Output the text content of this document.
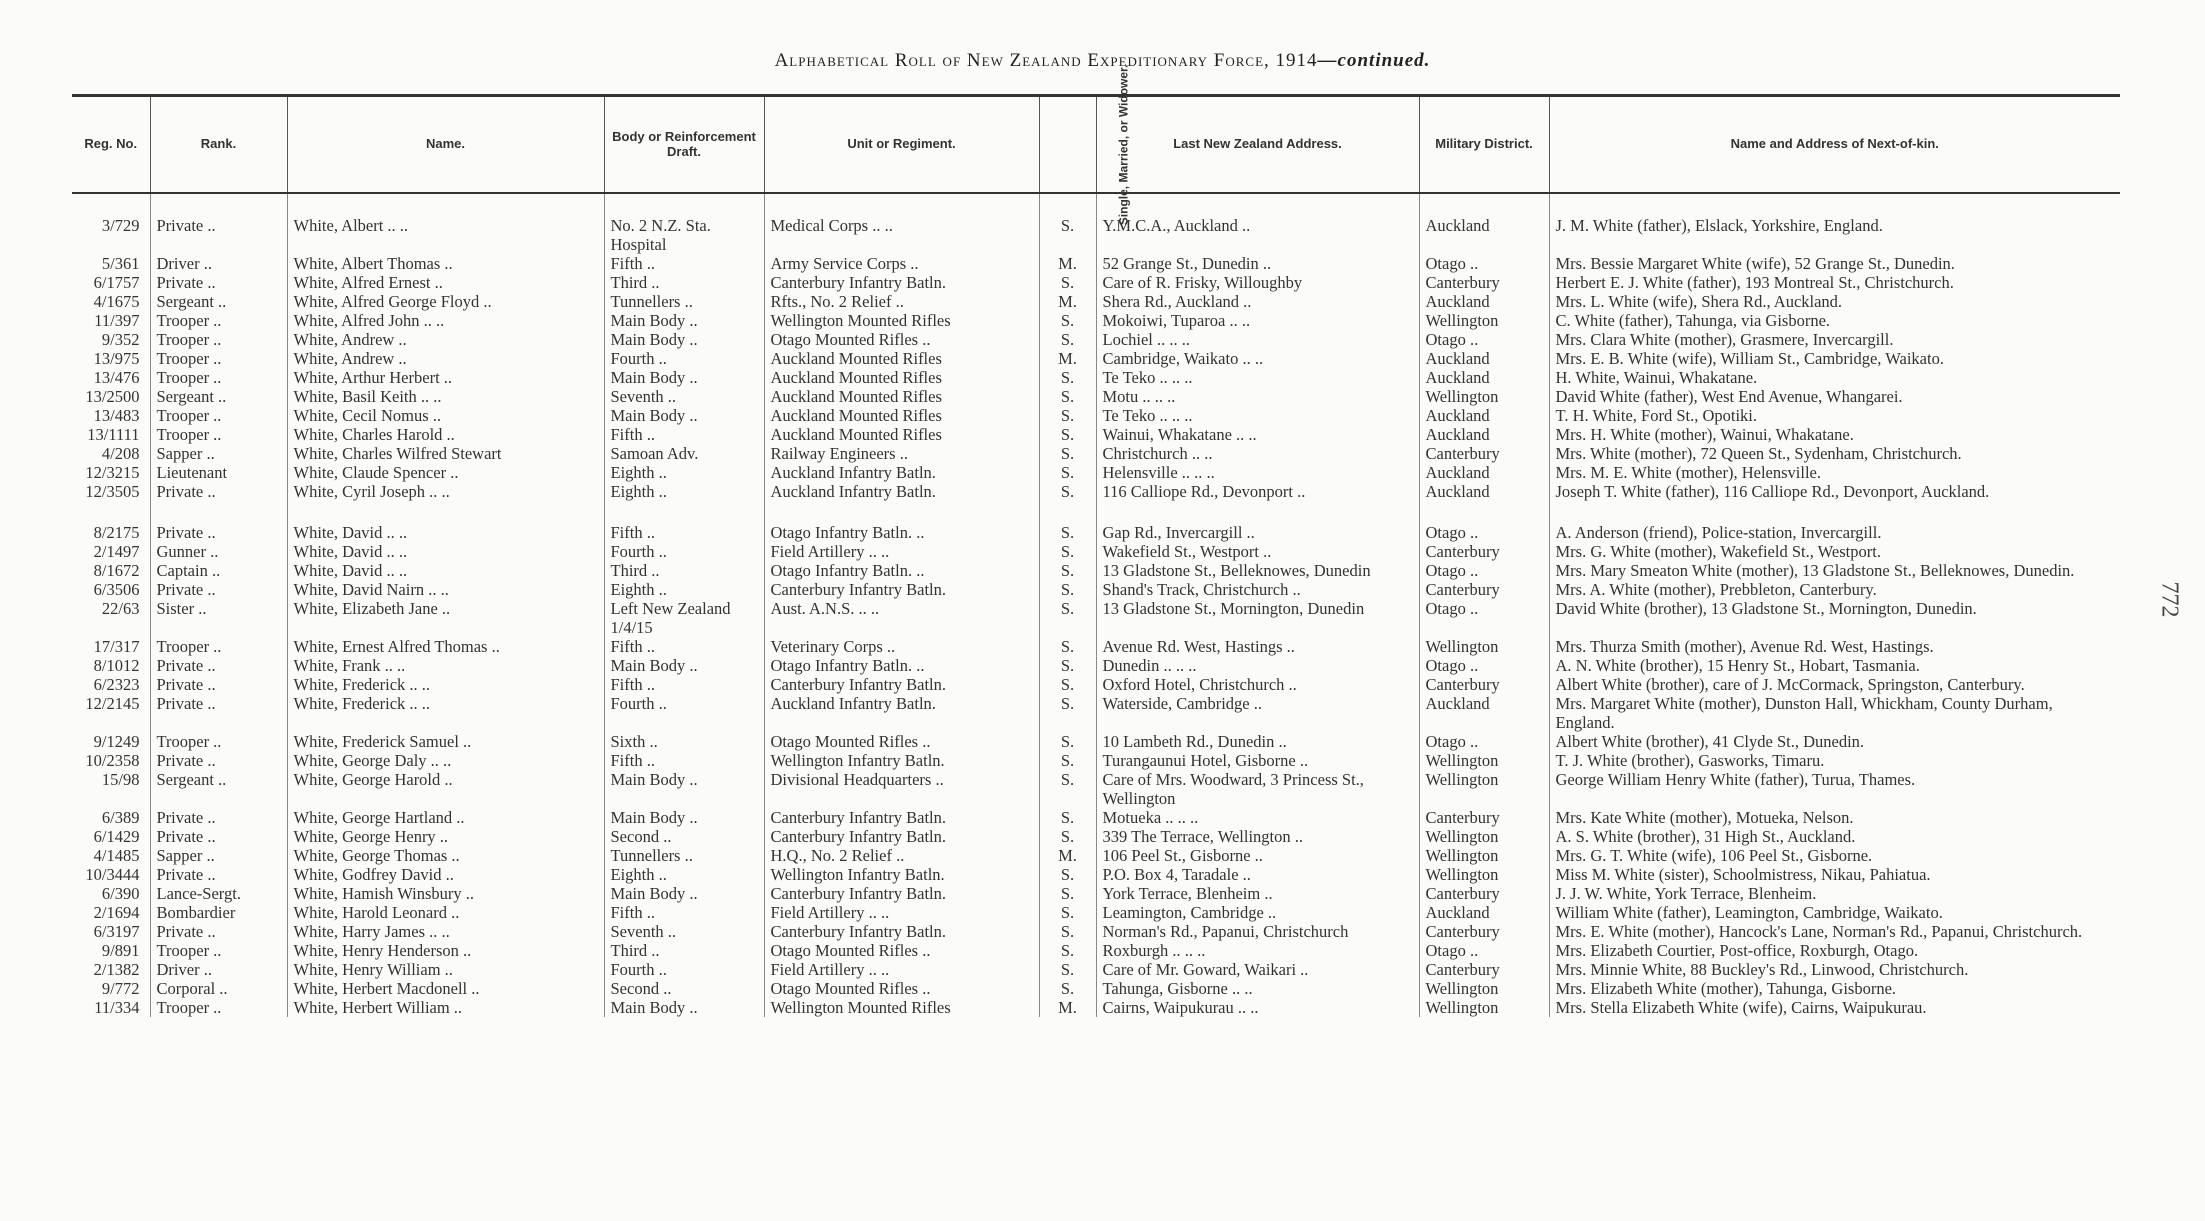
Alphabetical Roll of New Zealand Expeditionary Force, 1914—continued.
Reg. No.	Rank.	Name.	Body or Reinforcement Draft.	Unit or Regiment.	Single, Married, or Widower.	Last New Zealand Address.	Military District.	Name and Address of Next-of-kin.
3/729	Private ..	White, Albert .. ..	No. 2 N.Z. Sta. Hospital	Medical Corps .. ..	S.	Y.M.C.A., Auckland ..	Auckland	J. M. White (father), Elslack, Yorkshire, England.
5/361	Driver ..	White, Albert Thomas ..	Fifth ..	Army Service Corps ..	M.	52 Grange St., Dunedin ..	Otago ..	Mrs. Bessie Margaret White (wife), 52 Grange St., Dunedin.
6/1757	Private ..	White, Alfred Ernest ..	Third ..	Canterbury Infantry Batln.	S.	Care of R. Frisky, Willoughby	Canterbury	Herbert E. J. White (father), 193 Montreal St., Christchurch.
4/1675	Sergeant ..	White, Alfred George Floyd ..	Tunnellers ..	Rfts., No. 2 Relief ..	M.	Shera Rd., Auckland ..	Auckland	Mrs. L. White (wife), Shera Rd., Auckland.
11/397	Trooper ..	White, Alfred John .. ..	Main Body ..	Wellington Mounted Rifles	S.	Mokoiwi, Tuparoa .. ..	Wellington	C. White (father), Tahunga, via Gisborne.
9/352	Trooper ..	White, Andrew ..	Main Body ..	Otago Mounted Rifles ..	S.	Lochiel .. .. ..	Otago ..	Mrs. Clara White (mother), Grasmere, Invercargill.
13/975	Trooper ..	White, Andrew ..	Fourth ..	Auckland Mounted Rifles	M.	Cambridge, Waikato .. ..	Auckland	Mrs. E. B. White (wife), William St., Cambridge, Waikato.
13/476	Trooper ..	White, Arthur Herbert ..	Main Body ..	Auckland Mounted Rifles	S.	Te Teko .. .. ..	Auckland	H. White, Wainui, Whakatane.
13/2500	Sergeant ..	White, Basil Keith .. ..	Seventh ..	Auckland Mounted Rifles	S.	Motu .. .. ..	Wellington	David White (father), West End Avenue, Whangarei.
13/483	Trooper ..	White, Cecil Nomus ..	Main Body ..	Auckland Mounted Rifles	S.	Te Teko .. .. ..	Auckland	T. H. White, Ford St., Opotiki.
13/1111	Trooper ..	White, Charles Harold ..	Fifth ..	Auckland Mounted Rifles	S.	Wainui, Whakatane .. ..	Auckland	Mrs. H. White (mother), Wainui, Whakatane.
4/208	Sapper ..	White, Charles Wilfred Stewart	Samoan Adv.	Railway Engineers ..	S.	Christchurch .. ..	Canterbury	Mrs. White (mother), 72 Queen St., Sydenham, Christchurch.
12/3215	Lieutenant	White, Claude Spencer ..	Eighth ..	Auckland Infantry Batln.	S.	Helensville .. .. ..	Auckland	Mrs. M. E. White (mother), Helensville.
12/3505	Private ..	White, Cyril Joseph .. ..	Eighth ..	Auckland Infantry Batln.	S.	116 Calliope Rd., Devonport ..	Auckland	Joseph T. White (father), 116 Calliope Rd., Devonport, Auckland.
8/2175	Private ..	White, David .. ..	Fifth ..	Otago Infantry Batln. ..	S.	Gap Rd., Invercargill ..	Otago ..	A. Anderson (friend), Police-station, Invercargill.
2/1497	Gunner ..	White, David .. ..	Fourth ..	Field Artillery .. ..	S.	Wakefield St., Westport ..	Canterbury	Mrs. G. White (mother), Wakefield St., Westport.
8/1672	Captain ..	White, David .. ..	Third ..	Otago Infantry Batln. ..	S.	13 Gladstone St., Belleknowes, Dunedin	Otago ..	Mrs. Mary Smeaton White (mother), 13 Gladstone St., Belleknowes, Dunedin.
6/3506	Private ..	White, David Nairn .. ..	Eighth ..	Canterbury Infantry Batln.	S.	Shand's Track, Christchurch ..	Canterbury	Mrs. A. White (mother), Prebbleton, Canterbury.
22/63	Sister ..	White, Elizabeth Jane ..	Left New Zealand 1/4/15	Aust. A.N.S. .. ..	S.	13 Gladstone St., Mornington, Dunedin	Otago ..	David White (brother), 13 Gladstone St., Mornington, Dunedin.
17/317	Trooper ..	White, Ernest Alfred Thomas ..	Fifth ..	Veterinary Corps ..	S.	Avenue Rd. West, Hastings ..	Wellington	Mrs. Thurza Smith (mother), Avenue Rd. West, Hastings.
8/1012	Private ..	White, Frank .. ..	Main Body ..	Otago Infantry Batln. ..	S.	Dunedin .. .. ..	Otago ..	A. N. White (brother), 15 Henry St., Hobart, Tasmania.
6/2323	Private ..	White, Frederick .. ..	Fifth ..	Canterbury Infantry Batln.	S.	Oxford Hotel, Christchurch ..	Canterbury	Albert White (brother), care of J. McCormack, Springston, Canterbury.
12/2145	Private ..	White, Frederick .. ..	Fourth ..	Auckland Infantry Batln.	S.	Waterside, Cambridge ..	Auckland	Mrs. Margaret White (mother), Dunston Hall, Whickham, County Durham, England.
9/1249	Trooper ..	White, Frederick Samuel ..	Sixth ..	Otago Mounted Rifles ..	S.	10 Lambeth Rd., Dunedin ..	Otago ..	Albert White (brother), 41 Clyde St., Dunedin.
10/2358	Private ..	White, George Daly .. ..	Fifth ..	Wellington Infantry Batln.	S.	Turangaunui Hotel, Gisborne ..	Wellington	T. J. White (brother), Gasworks, Timaru.
15/98	Sergeant ..	White, George Harold ..	Main Body ..	Divisional Headquarters ..	S.	Care of Mrs. Woodward, 3 Princess St., Wellington	Wellington	George William Henry White (father), Turua, Thames.
6/389	Private ..	White, George Hartland ..	Main Body ..	Canterbury Infantry Batln.	S.	Motueka .. .. ..	Canterbury	Mrs. Kate White (mother), Motueka, Nelson.
6/1429	Private ..	White, George Henry ..	Second ..	Canterbury Infantry Batln.	S.	339 The Terrace, Wellington ..	Wellington	A. S. White (brother), 31 High St., Auckland.
4/1485	Sapper ..	White, George Thomas ..	Tunnellers ..	H.Q., No. 2 Relief ..	M.	106 Peel St., Gisborne ..	Wellington	Mrs. G. T. White (wife), 106 Peel St., Gisborne.
10/3444	Private ..	White, Godfrey David ..	Eighth ..	Wellington Infantry Batln.	S.	P.O. Box 4, Taradale ..	Wellington	Miss M. White (sister), Schoolmistress, Nikau, Pahiatua.
6/390	Lance-Sergt.	White, Hamish Winsbury ..	Main Body ..	Canterbury Infantry Batln.	S.	York Terrace, Blenheim ..	Canterbury	J. J. W. White, York Terrace, Blenheim.
2/1694	Bombardier	White, Harold Leonard ..	Fifth ..	Field Artillery .. ..	S.	Leamington, Cambridge ..	Auckland	William White (father), Leamington, Cambridge, Waikato.
6/3197	Private ..	White, Harry James .. ..	Seventh ..	Canterbury Infantry Batln.	S.	Norman's Rd., Papanui, Christchurch	Canterbury	Mrs. E. White (mother), Hancock's Lane, Norman's Rd., Papanui, Christchurch.
9/891	Trooper ..	White, Henry Henderson ..	Third ..	Otago Mounted Rifles ..	S.	Roxburgh .. .. ..	Otago ..	Mrs. Elizabeth Courtier, Post-office, Roxburgh, Otago.
2/1382	Driver ..	White, Henry William ..	Fourth ..	Field Artillery .. ..	S.	Care of Mr. Goward, Waikari ..	Canterbury	Mrs. Minnie White, 88 Buckley's Rd., Linwood, Christchurch.
9/772	Corporal ..	White, Herbert Macdonell ..	Second ..	Otago Mounted Rifles ..	S.	Tahunga, Gisborne .. ..	Wellington	Mrs. Elizabeth White (mother), Tahunga, Gisborne.
11/334	Trooper ..	White, Herbert William ..	Main Body ..	Wellington Mounted Rifles	M.	Cairns, Waipukurau .. ..	Wellington	Mrs. Stella Elizabeth White (wife), Cairns, Waipukurau.
772
